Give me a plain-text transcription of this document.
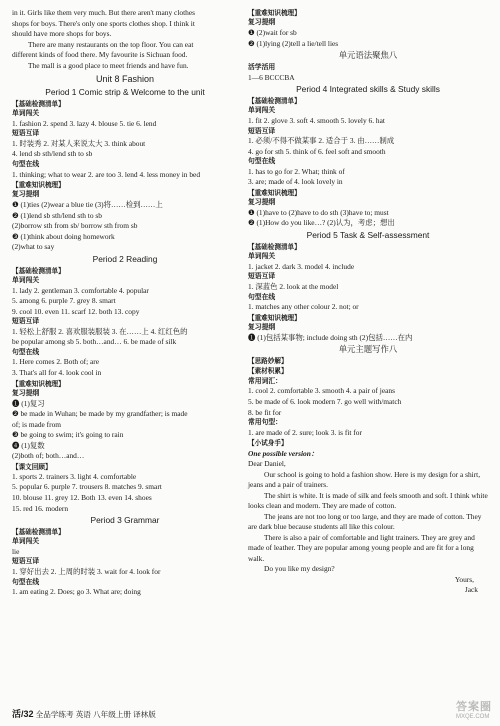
in it. Girls like them very much. But there aren't many clothes

shops for boys. There's only one sports clothes shop. I think it

should have more shops for boys.

There are many restaurants on the top floor. You can eat

different kinds of food there. My favourite is Sichuan food.

The mall is a good place to meet friends and have fun.

Unit 8 Fashion
Period 1 Comic strip & Welcome to the unit
【基础检测清单】
单词闯关
1. fashion 2. spend 3. lazy 4. blouse 5. tie 6. lend
短语互译
1. 时装秀 2. 对某人来说太大 3. think about
4. lend sb sth/lend sth to sb
句型在线
1. thinking; what to wear 2. are too 3. lend 4. less money in bed
【重难知识梳理】
复习提纲
❶ (1)ties (2)wear a blue tie (3)将……检到……上
❷ (1)lend sb sth/lend sth to sb
(2)borrow sth from sb/ borrow sth from sb
❸ (1)think about doing homework
(2)what to say
Period 2 Reading
【基础检测清单】
单词闯关
1. lady 2. gentleman 3. comfortable 4. popular
5. among 6. purple 7. grey 8. smart
9. cool 10. even 11. scarf 12. both 13. copy
短语互译
1. 轻松上舒服 2. 喜欢服装服装 3. 在……上 4. 红红色的
be popular among sb 5. both…and… 6. be made of silk
句型在线
1. Here comes 2. Both of; are
3. That's all for 4. look cool in
【重难知识梳理】
复习提纲
❶ (1)复习
❷ be made in Wuhan; be made by my grandfather; is made
of; is made from
❸ be going to swim; it's going to rain
❹ (1)复数
(2)both of; both…and…
【课文回顾】
1. sports 2. trainers 3. light 4. comfortable
5. popular 6. purple 7. trousers 8. matches 9. smart
10. blouse 11. grey 12. Both 13. even 14. shoes
15. red 16. modern
Period 3 Grammar
【基础检测清单】
单词闯关
lie
短语互译
1. 穿好出去 2. 上周的时装 3. wait for 4. look for
句型在线
1. am eating 2. Does; go 3. What are; doing
【重难知识梳理】
复习提纲
❶ (2)wait for sb
❷ (1)lying (2)tell a lie/tell lies
单元语法聚焦八
活学活用
1—6 BCCCBA
Period 4 Integrated skills & Study skills
【基础检测清单】
单词闯关
1. fit 2. glove 3. soft 4. smooth 5. lovely 6. hat
短语互译
1. 必须/不得不做某事 2. 适合于 3. 由……制成
4. go for sth 5. think of 6. feel soft and smooth
句型在线
1. has to go for 2. What; think of
3. are; made of 4. look lovely in
【重难知识梳理】
复习提纲
❶ (1)have to (2)have to do sth (3)have to; must
❷ (1)How do you like…? (2)认为，考虑；想出
Period 5 Task & Self-assessment
【基础检测清单】
单词闯关
1. jacket 2. dark 3. model 4. include
短语互译
1. 深蓝色 2. look at the model
句型在线
1. matches any other colour 2. not; or
【重难知识梳理】
复习提纲
❶ (1)包括某事物; include doing sth (2)包括……在内
单元主题写作八
【思路妙解】
【素材积累】
常用词汇：
1. cool 2. comfortable 3. smooth 4. a pair of jeans
5. be made of 6. look modern 7. go well with/match
8. be fit for
常用句型：
1. are made of 2. sure; look 3. is fit for
【小试身手】
One possible version：
Dear Daniel,

Our school is going to hold a fashion show. Here is my design for a shirt, jeans and a pair of trainers.

The shirt is white. It is made of silk and feels smooth and soft. I think white looks clean and modern. They are made of cotton.

The jeans are not too long or too large, and they are made of cotton. They are dark blue because students all like this colour.

There is also a pair of comfortable and light trainers. They are grey and made of leather. They are popular among young people and are fit for a long walk.

Do you like my design?

Yours,

Jack

活/32 全品学练考 英语 八年级上册 译林版
答案圈
MXQE.COM
